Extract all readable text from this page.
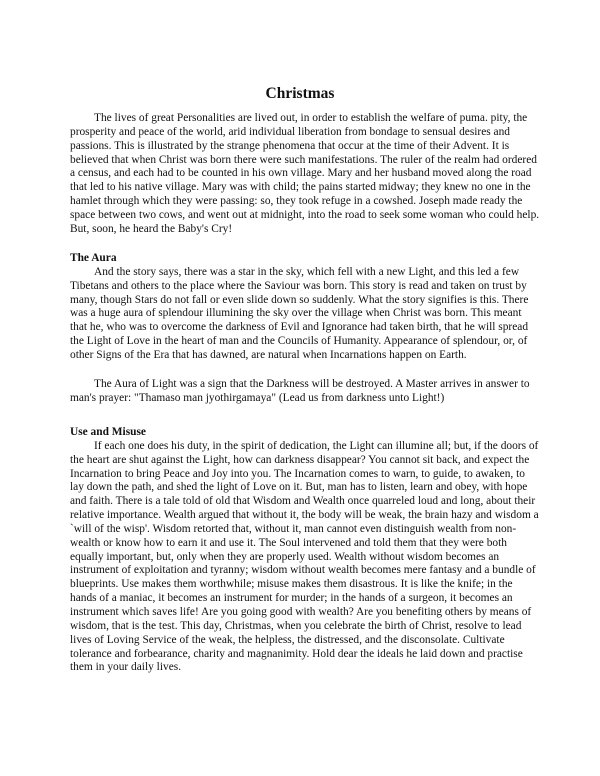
Christmas

The lives of great Personalities are lived out, in order to establish the welfare of puma. pity, the prosperity and peace of the world, arid individual liberation from bondage to sensual desires and passions. This is illustrated by the strange phenomena that occur at the time of their Advent. It is believed that when Christ was born there were such manifestations. The ruler of the realm had ordered a census, and each had to be counted in his own village. Mary and her husband moved along the road that led to his native village. Mary was with child; the pains started midway; they knew no one in the hamlet through which they were passing: so, they took refuge in a cowshed. Joseph made ready the space between two cows, and went out at midnight, into the road to seek some woman who could help. But, soon, he heard the Baby's Cry!

The Aura

And the story says, there was a star in the sky, which fell with a new Light, and this led a few Tibetans and others to the place where the Saviour was born. This story is read and taken on trust by many, though Stars do not fall or even slide down so suddenly. What the story signifies is this. There was a huge aura of splendour illumining the sky over the village when Christ was born. This meant that he, who was to overcome the darkness of Evil and Ignorance had taken birth, that he will spread the Light of Love in the heart of man and the Councils of Humanity. Appearance of splendour, or, of other Signs of the Era that has dawned, are natural when Incarnations happen on Earth.

The Aura of Light was a sign that the Darkness will be destroyed. A Master arrives in answer to man's prayer: "Thamaso man jyothirgamaya" (Lead us from darkness unto Light!)

Use and Misuse

If each one does his duty, in the spirit of dedication, the Light can illumine all; but, if the doors of the heart are shut against the Light, how can darkness disappear? You cannot sit back, and expect the Incarnation to bring Peace and Joy into you. The Incarnation comes to warn, to guide, to awaken, to lay down the path, and shed the light of Love on it. But, man has to listen, learn and obey, with hope and faith. There is a tale told of old that Wisdom and Wealth once quarreled loud and long, about their relative importance. Wealth argued that without it, the body will be weak, the brain hazy and wisdom a `will of the wisp'. Wisdom retorted that, without it, man cannot even distinguish wealth from non-wealth or know how to earn it and use it. The Soul intervened and told them that they were both equally important, but, only when they are properly used. Wealth without wisdom becomes an instrument of exploitation and tyranny; wisdom without wealth becomes mere fantasy and a bundle of blueprints. Use makes them worthwhile; misuse makes them disastrous. It is like the knife; in the hands of a maniac, it becomes an instrument for murder; in the hands of a surgeon, it becomes an instrument which saves life! Are you going good with wealth? Are you benefiting others by means of wisdom, that is the test. This day, Christmas, when you celebrate the birth of Christ, resolve to lead lives of Loving Service of the weak, the helpless, the distressed, and the disconsolate. Cultivate tolerance and forbearance, charity and magnanimity. Hold dear the ideals he laid down and practise them in your daily lives.
